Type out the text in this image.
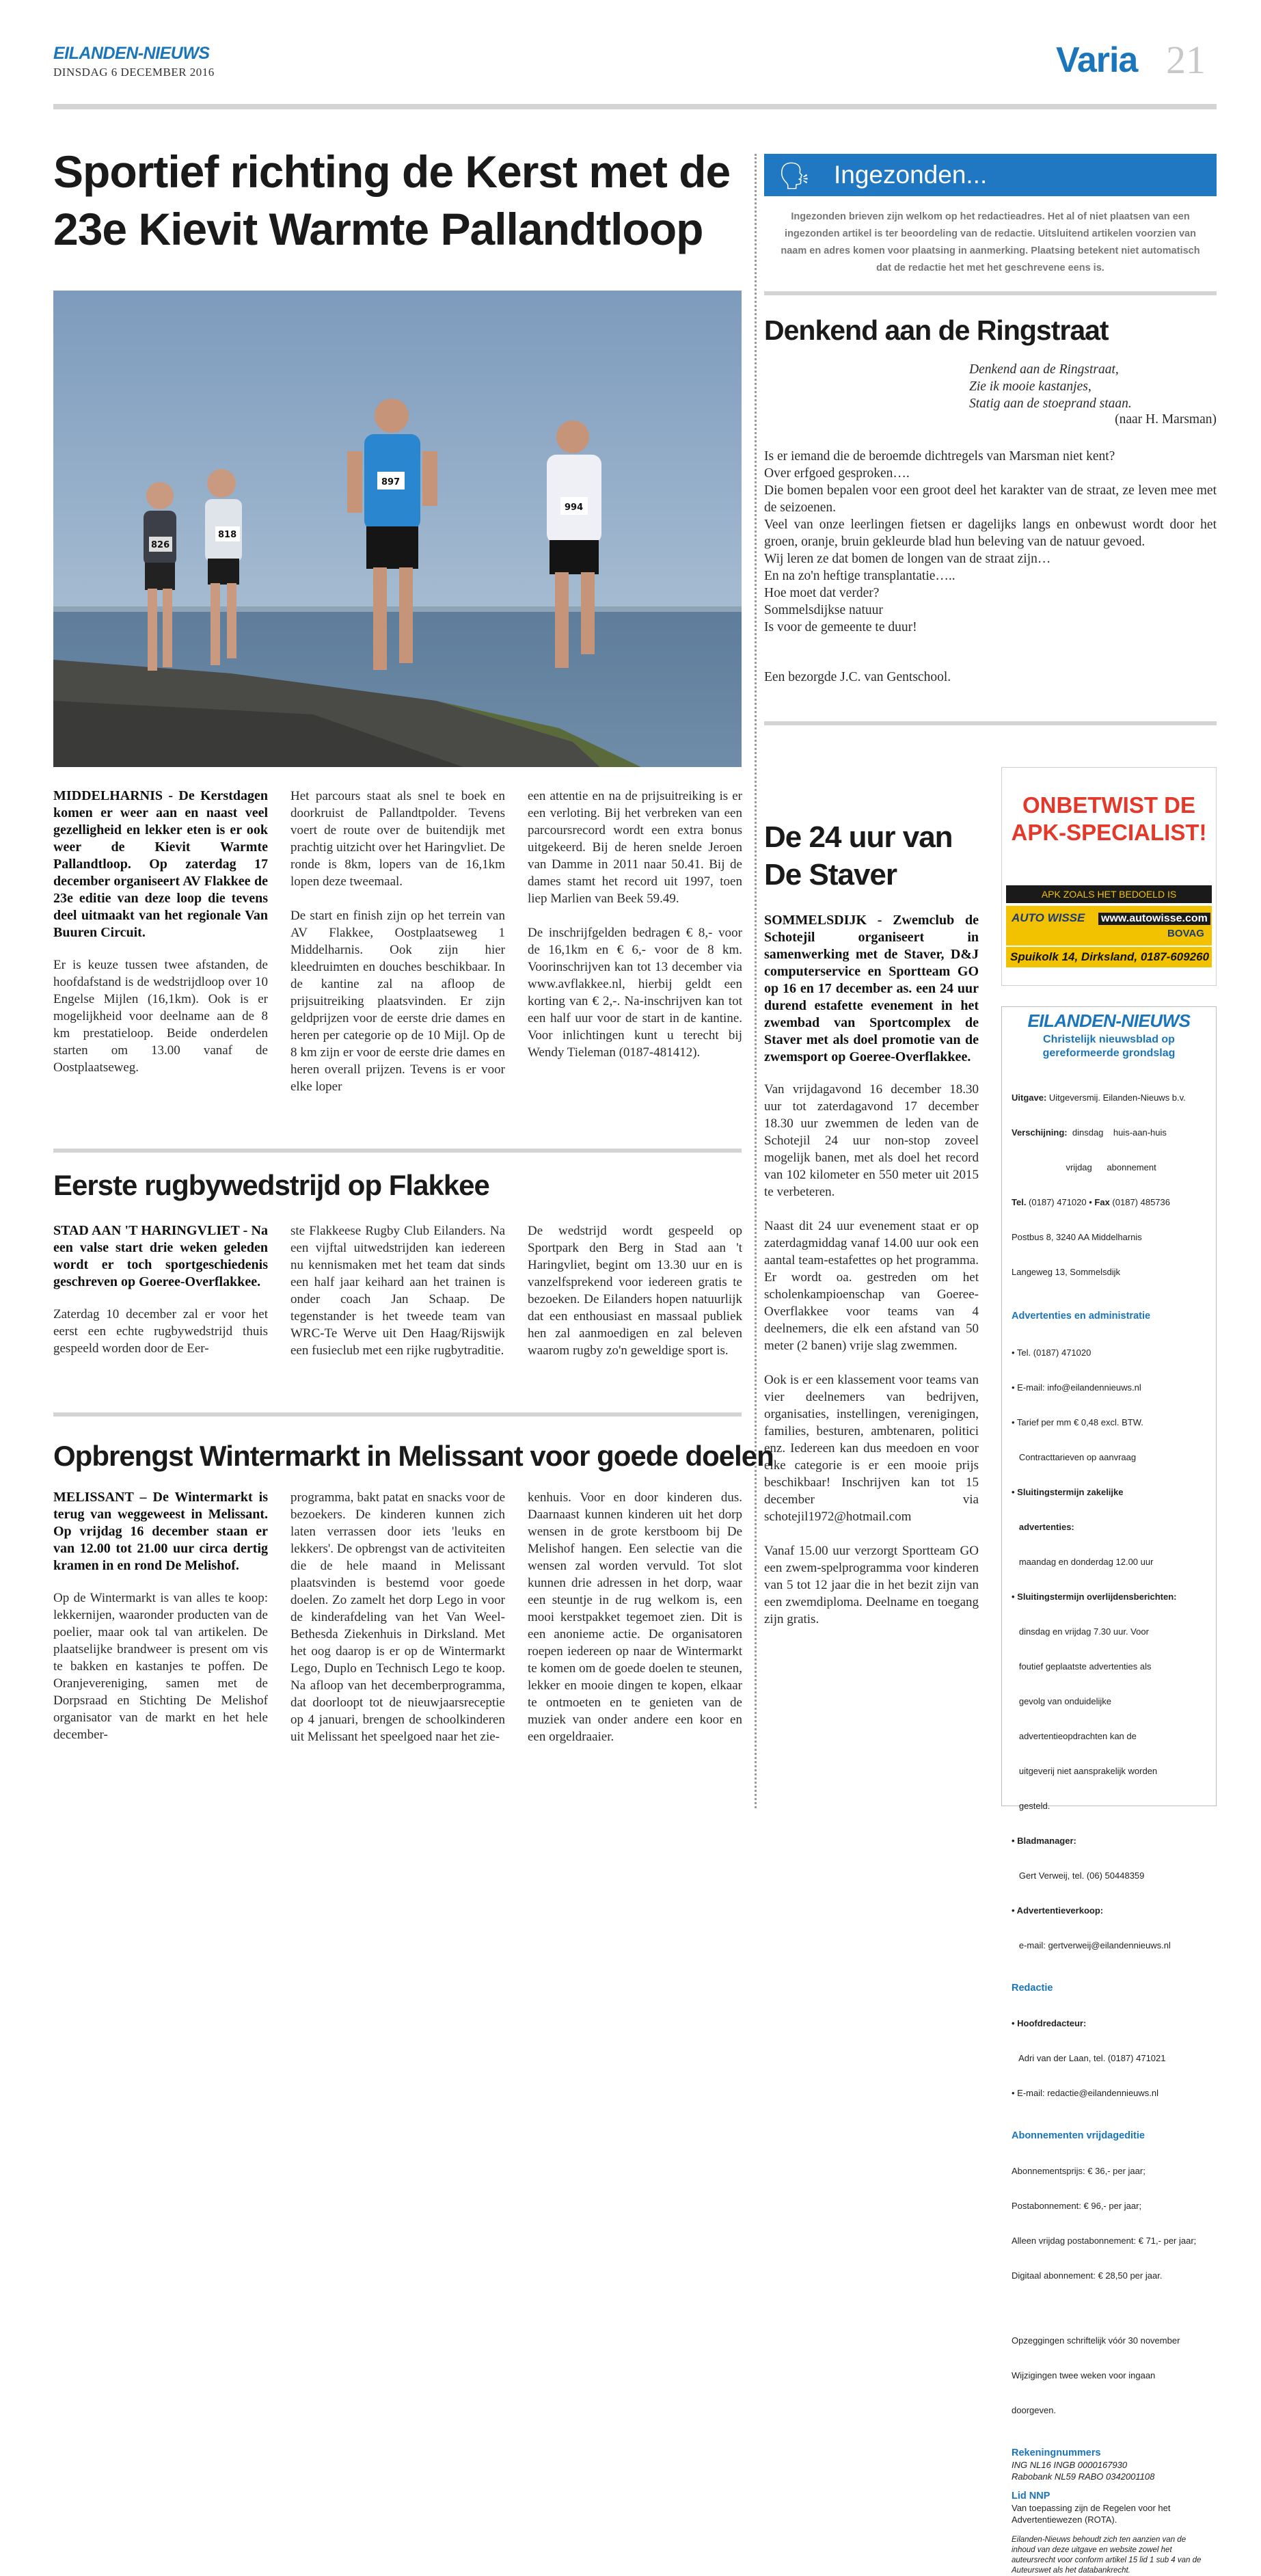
EILANDEN-NIEUWS
DINSDAG 6 DECEMBER 2016	Varia 21
Sportief richting de Kerst met de
23e Kievit Warmte Pallandtloop
897
818
994
826

MIDDELHARNIS - De Kerstdagen komen er weer aan en naast veel gezelligheid en lekker eten is er ook weer de Kievit Warmte Pallandtloop. Op zaterdag 17 december organiseert AV Flakkee de 23e editie van deze loop die tevens deel uitmaakt van het regionale Van Buuren Circuit.

Er is keuze tussen twee afstanden, de hoofdafstand is de wedstrijdloop over 10 Engelse Mijlen (16,1km). Ook is er mogelijkheid voor deelname aan de 8 km prestatieloop. Beide onderdelen starten om 13.00 vanaf de Oostplaatseweg.

Het parcours staat als snel te boek en doorkruist de Pallandtpolder. Tevens voert de route over de buitendijk met prachtig uitzicht over het Haringvliet. De ronde is 8km, lopers van de 16,1km lopen deze tweemaal.

De start en finish zijn op het terrein van AV Flakkee, Oostplaatseweg 1 Middelharnis. Ook zijn hier kleedruimten en douches beschikbaar. In de kantine zal na afloop de prijsuitreiking plaatsvinden. Er zijn geldprijzen voor de eerste drie dames en heren per categorie op de 10 Mijl. Op de 8 km zijn er voor de eerste drie dames en heren overall prijzen. Tevens is er voor elke loper
een attentie en na de prijsuitreiking is er een verloting. Bij het verbreken van een parcoursrecord wordt een extra bonus uitgekeerd. Bij de heren snelde Jeroen van Damme in 2011 naar 50.41. Bij de dames stamt het record uit 1997, toen liep Marlien van Beek 59.49.

De inschrijfgelden bedragen € 8,- voor de 16,1km en € 6,- voor de 8 km. Voorinschrijven kan tot 13 december via www.avflakkee.nl, hierbij geldt een korting van € 2,-. Na-inschrijven kan tot een half uur voor de start in de kantine. Voor inlichtingen kunt u terecht bij Wendy Tieleman (0187-481412).
🗣 Ingezonden...
Ingezonden brieven zijn welkom op het redactieadres. Het al of niet plaatsen van een ingezonden artikel is ter beoordeling van de redactie. Uitsluitend artikelen voorzien van naam en adres komen voor plaatsing in aanmerking. Plaatsing betekent niet automatisch dat de redactie het met het geschrevene eens is.
Denkend aan de Ringstraat
Denkend aan de Ringstraat,
Zie ik mooie kastanjes,
Statig aan de stoeprand staan.
(naar H. Marsman)
Is er iemand die de beroemde dichtregels van Marsman niet kent?
Over erfgoed gesproken….
Die bomen bepalen voor een groot deel het karakter van de straat, ze leven mee met de seizoenen.
Veel van onze leerlingen fietsen er dagelijks langs en onbewust wordt door het groen, oranje, bruin gekleurde blad hun beleving van de natuur gevoed.
Wij leren ze dat bomen de longen van de straat zijn…
En na zo'n heftige transplantatie…..
Hoe moet dat verder?
Sommelsdijkse natuur
Is voor de gemeente te duur!
Een bezorgde J.C. van Gentschool.
De 24 uur van
De Staver

SOMMELSDIJK - Zwemclub de Schotejil organiseert in samenwerking met de Staver, D&J computerservice en Sportteam GO op 16 en 17 december as. een 24 uur durend estafette evenement in het zwembad van Sportcomplex de Staver met als doel promotie van de zwemsport op Goeree-Overflakkee.

Van vrijdagavond 16 december 18.30 uur tot zaterdagavond 17 december 18.30 uur zwemmen de leden van de Schotejil 24 uur non-stop zoveel mogelijk banen, met als doel het record van 102 kilometer en 550 meter uit 2015 te verbeteren.

Naast dit 24 uur evenement staat er op zaterdagmiddag vanaf 14.00 uur ook een aantal team-estafettes op het programma. Er wordt oa. gestreden om het scholenkampioenschap van Goeree-Overflakkee voor teams van 4 deelnemers, die elk een afstand van 50 meter (2 banen) vrije slag zwemmen.

Ook is er een klassement voor teams van vier deelnemers van bedrijven, organisaties, instellingen, verenigingen, families, besturen, ambtenaren, politici enz. Iedereen kan dus meedoen en voor elke categorie is er een mooie prijs beschikbaar! Inschrijven kan tot 15 december via schotejil1972@hotmail.com

Vanaf 15.00 uur verzorgt Sportteam GO een zwem-spelprogramma voor kinderen van 5 tot 12 jaar die in het bezit zijn van een zwemdiploma. Deelname en toegang zijn gratis.

ONBETWIST DE
APK-SPECIALIST!
APK ZOALS HET BEDOELD IS
AUTO WISSE www.autowisse.com
BOVAG
Spuikolk 14, Dirksland, 0187-609260
EILANDEN-NIEUWS
Christelijk nieuwsblad op
gereformeerde grondslag

Uitgave: Uitgeversmij. Eilanden-Nieuws b.v.

Verschijning:  dinsdag    huis-aan-huis

vrijdag      abonnement

Tel. (0187) 471020 • Fax (0187) 485736

Postbus 8, 3240 AA Middelharnis

Langeweg 13, Sommelsdijk

Advertenties en administratie

• Tel. (0187) 471020

• E-mail: info@eilandennieuws.nl

• Tarief per mm € 0,48 excl. BTW.

Contracttarieven op aanvraag

• Sluitingstermijn zakelijke

advertenties:

maandag en donderdag 12.00 uur

• Sluitingstermijn overlijdensberichten:

dinsdag en vrijdag 7.30 uur. Voor

foutief geplaatste advertenties als

gevolg van onduidelijke

advertentieopdrachten kan de

uitgeverij niet aansprakelijk worden

gesteld.

• Bladmanager:

Gert Verweij, tel. (06) 50448359

• Advertentieverkoop:

e-mail: gertverweij@eilandennieuws.nl

Redactie

• Hoofdredacteur:

Adri van der Laan, tel. (0187) 471021

• E-mail: redactie@eilandennieuws.nl

Abonnementen vrijdageditie

Abonnementsprijs: € 36,- per jaar;

Postabonnement: € 96,- per jaar;

Alleen vrijdag postabonnement: € 71,- per jaar;

Digitaal abonnement: € 28,50 per jaar.

Opzeggingen schriftelijk vóór 30 november

Wijzigingen twee weken voor ingaan

doorgeven.

Rekeningnummers
ING NL16 INGB 0000167930
Rabobank NL59 RABO 0342001108
Lid NNP
Van toepassing zijn de Regelen voor het
Advertentiewezen (ROTA).
Eilanden-Nieuws behoudt zich ten aanzien van de inhoud van deze uitgave en website zowel het auteursrecht voor conform artikel 15 lid 1 sub 4 van de Auteurswet als het databankrecht.
Eerste rugbywedstrijd op Flakkee

STAD AAN 'T HARINGVLIET - Na een valse start drie weken geleden wordt er toch sportgeschiedenis geschreven op Goeree-Overflakkee.

Zaterdag 10 december zal er voor het eerst een echte rugbywedstrijd thuis gespeeld worden door de Eer-

ste Flakkeese Rugby Club Eilanders. Na een vijftal uitwedstrijden kan iedereen nu kennismaken met het team dat sinds een half jaar keihard aan het trainen is onder coach Jan Schaap. De tegenstander is het tweede team van WRC-Te Werve uit Den Haag/Rijswijk een fusieclub met een rijke rugbytraditie.
De wedstrijd wordt gespeeld op Sportpark den Berg in Stad aan 't Haringvliet, begint om 13.30 uur en is vanzelfsprekend voor iedereen gratis te bezoeken. De Eilanders hopen natuurlijk dat een enthousiast en massaal publiek hen zal aanmoedigen en zal beleven waarom rugby zo'n geweldige sport is.
Opbrengst Wintermarkt in Melissant voor goede doelen

MELISSANT – De Wintermarkt is terug van weggeweest in Melissant. Op vrijdag 16 december staan er van 12.00 tot 21.00 uur circa dertig kramen in en rond De Melishof.

Op de Wintermarkt is van alles te koop: lekkernijen, waaronder producten van de poelier, maar ook tal van artikelen. De plaatselijke brandweer is present om vis te bakken en kastanjes te poffen. De Oranjevereniging, samen met de Dorpsraad en Stichting De Melishof organisator van de markt en het hele december-

programma, bakt patat en snacks voor de bezoekers. De kinderen kunnen zich laten verrassen door iets 'leuks en lekkers'. De opbrengst van de activiteiten die de hele maand in Melissant plaatsvinden is bestemd voor goede doelen. Zo zamelt het dorp Lego in voor de kinderafdeling van het Van Weel-Bethesda Ziekenhuis in Dirksland. Met het oog daarop is er op de Wintermarkt Lego, Duplo en Technisch Lego te koop. Na afloop van het decemberprogramma, dat doorloopt tot de nieuwjaarsreceptie op 4 januari, brengen de schoolkinderen uit Melissant het speelgoed naar het zie-
kenhuis. Voor en door kinderen dus. Daarnaast kunnen kinderen uit het dorp wensen in de grote kerstboom bij De Melishof hangen. Een selectie van die wensen zal worden vervuld. Tot slot kunnen drie adressen in het dorp, waar een steuntje in de rug welkom is, een mooi kerstpakket tegemoet zien. Dit is een anonieme actie. De organisatoren roepen iedereen op naar de Wintermarkt te komen om de goede doelen te steunen, lekker en mooie dingen te kopen, elkaar te ontmoeten en te genieten van de muziek van onder andere een koor en een orgeldraaier.
